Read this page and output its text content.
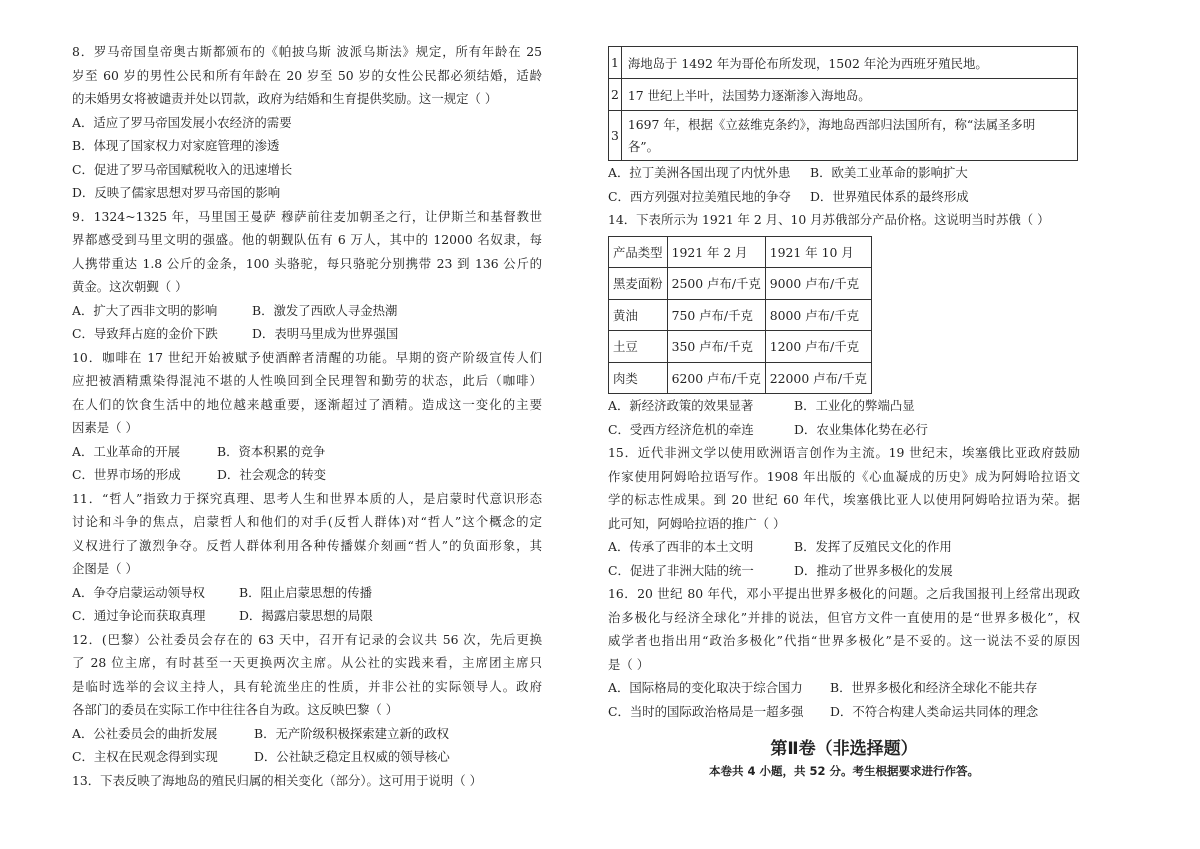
8．罗马帝国皇帝奥古斯都颁布的《帕披乌斯 波派乌斯法》规定，所有年龄在 25
岁至 60 岁的男性公民和所有年龄在 20 岁至 50 岁的女性公民都必须结婚，适龄
的未婚男女将被谴责并处以罚款，政府为结婚和生育提供奖励。这一规定（ ）
A．适应了罗马帝国发展小农经济的需要
B．体现了国家权力对家庭管理的渗透
C．促进了罗马帝国赋税收入的迅速增长
D．反映了儒家思想对罗马帝国的影响
9．1324~1325 年，马里国王曼萨 穆萨前往麦加朝圣之行，让伊斯兰和基督教世
界都感受到马里文明的强盛。他的朝觐队伍有 6 万人，其中的 12000 名奴隶，每
人携带重达 1.8 公斤的金条，100 头骆驼，每只骆驼分别携带 23 到 136 公斤的
黄金。这次朝觐（ ）
A．扩大了西非文明的影响	B．激发了西欧人寻金热潮
C．导致拜占庭的金价下跌	D．表明马里成为世界强国
10．咖啡在 17 世纪开始被赋予使酒醉者清醒的功能。早期的资产阶级宣传人们
应把被酒精熏染得混沌不堪的人性唤回到全民理智和勤劳的状态，此后（咖啡）
在人们的饮食生活中的地位越来越重要，逐渐超过了酒精。造成这一变化的主要
因素是（ ）
A．工业革命的开展	B．资本积累的竞争
C．世界市场的形成	D．社会观念的转变
11．“哲人”指致力于探究真理、思考人生和世界本质的人，是启蒙时代意识形态
讨论和斗争的焦点，启蒙哲人和他们的对手(反哲人群体)对“哲人”这个概念的定
义权进行了激烈争夺。反哲人群体利用各种传播媒介刻画“哲人”的负面形象，其
企图是（ ）
A．争夺启蒙运动领导权	B．阻止启蒙思想的传播
C．通过争论而获取真理	D．揭露启蒙思想的局限
12．(巴黎）公社委员会存在的 63 天中，召开有记录的会议共 56 次，先后更换
了 28 位主席，有时甚至一天更换两次主席。从公社的实践来看，主席团主席只
是临时选举的会议主持人，具有轮流坐庄的性质，并非公社的实际领导人。政府
各部门的委员在实际工作中往往各自为政。这反映巴黎（ ）
A．公社委员会的曲折发展	B．无产阶级积极探索建立新的政权
C．主权在民观念得到实现	D．公社缺乏稳定且权威的领导核心
13．下表反映了海地岛的殖民归属的相关变化（部分）。这可用于说明（ ）
1	海地岛于 1492 年为哥伦布所发现，1502 年沦为西班牙殖民地。
2	17 世纪上半叶，法国势力逐渐渗入海地岛。
3	1697 年，根据《立兹维克条约》，海地岛西部归法国所有，称“法属圣多明
各”。
A．拉丁美洲各国出现了内忧外患 B．欧美工业革命的影响扩大
C．西方列强对拉美殖民地的争夺 D．世界殖民体系的最终形成
14．下表所示为 1921 年 2 月、10 月苏俄部分产品价格。这说明当时苏俄（ ）
产品类型	1921 年 2 月	1921 年 10 月
黑麦面粉	2500 卢布/千克	9000 卢布/千克
黄油	750 卢布/千克	8000 卢布/千克
土豆	350 卢布/千克	1200 卢布/千克
肉类	6200 卢布/千克	22000 卢布/千克
A．新经济政策的效果显著	B．工业化的弊端凸显
C．受西方经济危机的牵连	D．农业集体化势在必行
15．近代非洲文学以使用欧洲语言创作为主流。19 世纪末，埃塞俄比亚政府鼓励
作家使用阿姆哈拉语写作。1908 年出版的《心血凝成的历史》成为阿姆哈拉语文
学的标志性成果。到 20 世纪 60 年代，埃塞俄比亚人以使用阿姆哈拉语为荣。据
此可知，阿姆哈拉语的推广（ ）
A．传承了西非的本土文明	B．发挥了反殖民文化的作用
C．促进了非洲大陆的统一	D．推动了世界多极化的发展
16．20 世纪 80 年代，邓小平提出世界多极化的问题。之后我国报刊上经常出现政
治多极化与经济全球化”并排的说法，但官方文件一直使用的是“世界多极化”，权
威学者也指出用“政治多极化”代指“世界多极化”是不妥的。这一说法不妥的原因
是（ ）
A．国际格局的变化取决于综合国力 B．世界多极化和经济全球化不能共存
C．当时的国际政治格局是一超多强 D．不符合构建人类命运共同体的理念
第Ⅱ卷（非选择题）
本卷共 4 小题，共 52 分。考生根据要求进行作答。
